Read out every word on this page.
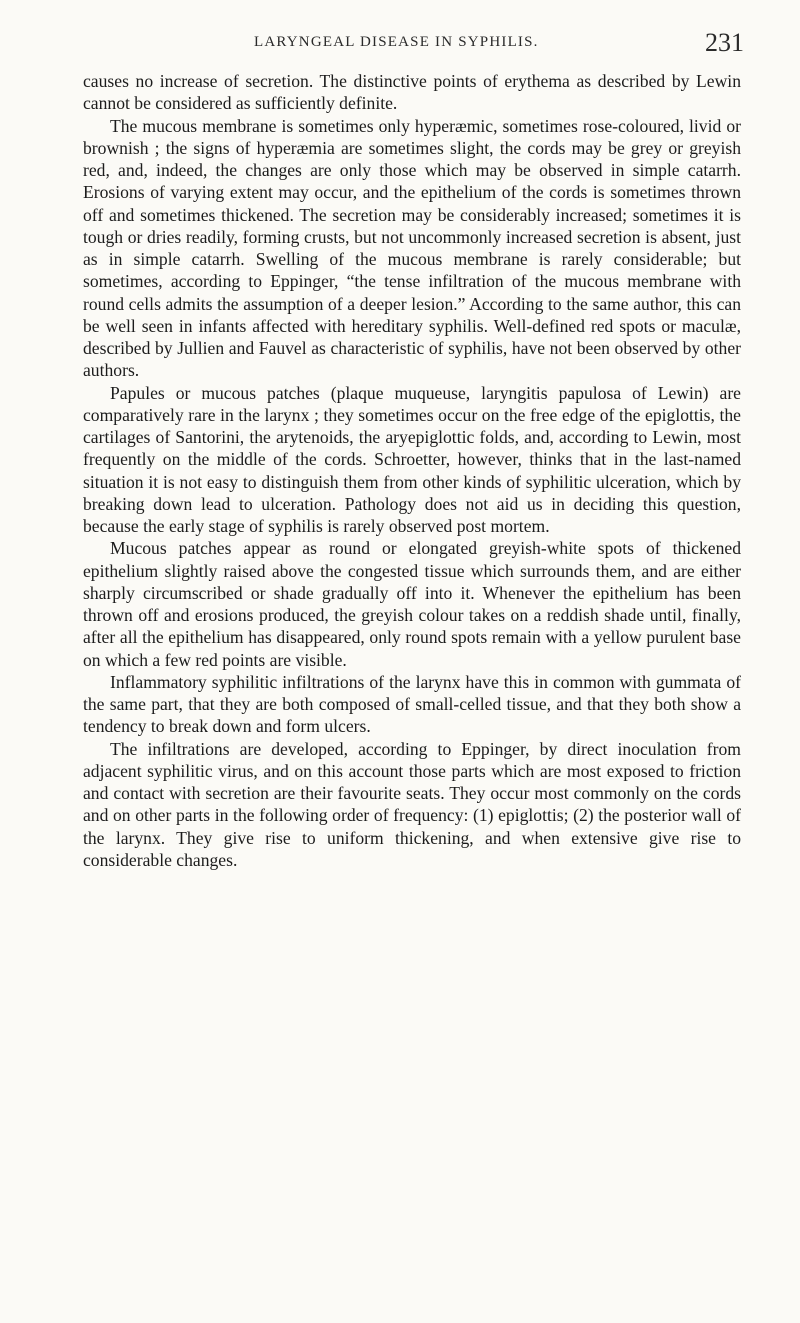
LARYNGEAL DISEASE IN SYPHILIS.	231

causes no increase of secretion. The distinctive points of erythema as described by Lewin cannot be considered as sufficiently definite.

The mucous membrane is sometimes only hyperæmic, sometimes rose-coloured, livid or brownish ; the signs of hyperæmia are sometimes slight, the cords may be grey or greyish red, and, indeed, the changes are only those which may be observed in simple catarrh. Erosions of varying extent may occur, and the epithelium of the cords is sometimes thrown off and sometimes thickened. The secretion may be considerably increased; sometimes it is tough or dries readily, forming crusts, but not uncommonly increased secretion is absent, just as in simple catarrh. Swelling of the mucous membrane is rarely considerable; but sometimes, according to Eppinger, “the tense infiltration of the mucous membrane with round cells admits the assumption of a deeper lesion.” According to the same author, this can be well seen in infants affected with hereditary syphilis. Well-defined red spots or maculæ, described by Jullien and Fauvel as characteristic of syphilis, have not been observed by other authors.

Papules or mucous patches (plaque muqueuse, laryngitis papulosa of Lewin) are comparatively rare in the larynx ; they sometimes occur on the free edge of the epiglottis, the cartilages of Santorini, the arytenoids, the aryepiglottic folds, and, according to Lewin, most frequently on the middle of the cords. Schroetter, however, thinks that in the last-named situation it is not easy to distinguish them from other kinds of syphilitic ulceration, which by breaking down lead to ulceration. Pathology does not aid us in deciding this question, because the early stage of syphilis is rarely observed post mortem.

Mucous patches appear as round or elongated greyish-white spots of thickened epithelium slightly raised above the congested tissue which surrounds them, and are either sharply circumscribed or shade gradually off into it. Whenever the epithelium has been thrown off and erosions produced, the greyish colour takes on a reddish shade until, finally, after all the epithelium has disappeared, only round spots remain with a yellow purulent base on which a few red points are visible.

Inflammatory syphilitic infiltrations of the larynx have this in common with gummata of the same part, that they are both composed of small-celled tissue, and that they both show a tendency to break down and form ulcers.

The infiltrations are developed, according to Eppinger, by direct inoculation from adjacent syphilitic virus, and on this account those parts which are most exposed to friction and contact with secretion are their favourite seats. They occur most commonly on the cords and on other parts in the following order of frequency: (1) epiglottis; (2) the posterior wall of the larynx. They give rise to uniform thickening, and when extensive give rise to considerable changes.
